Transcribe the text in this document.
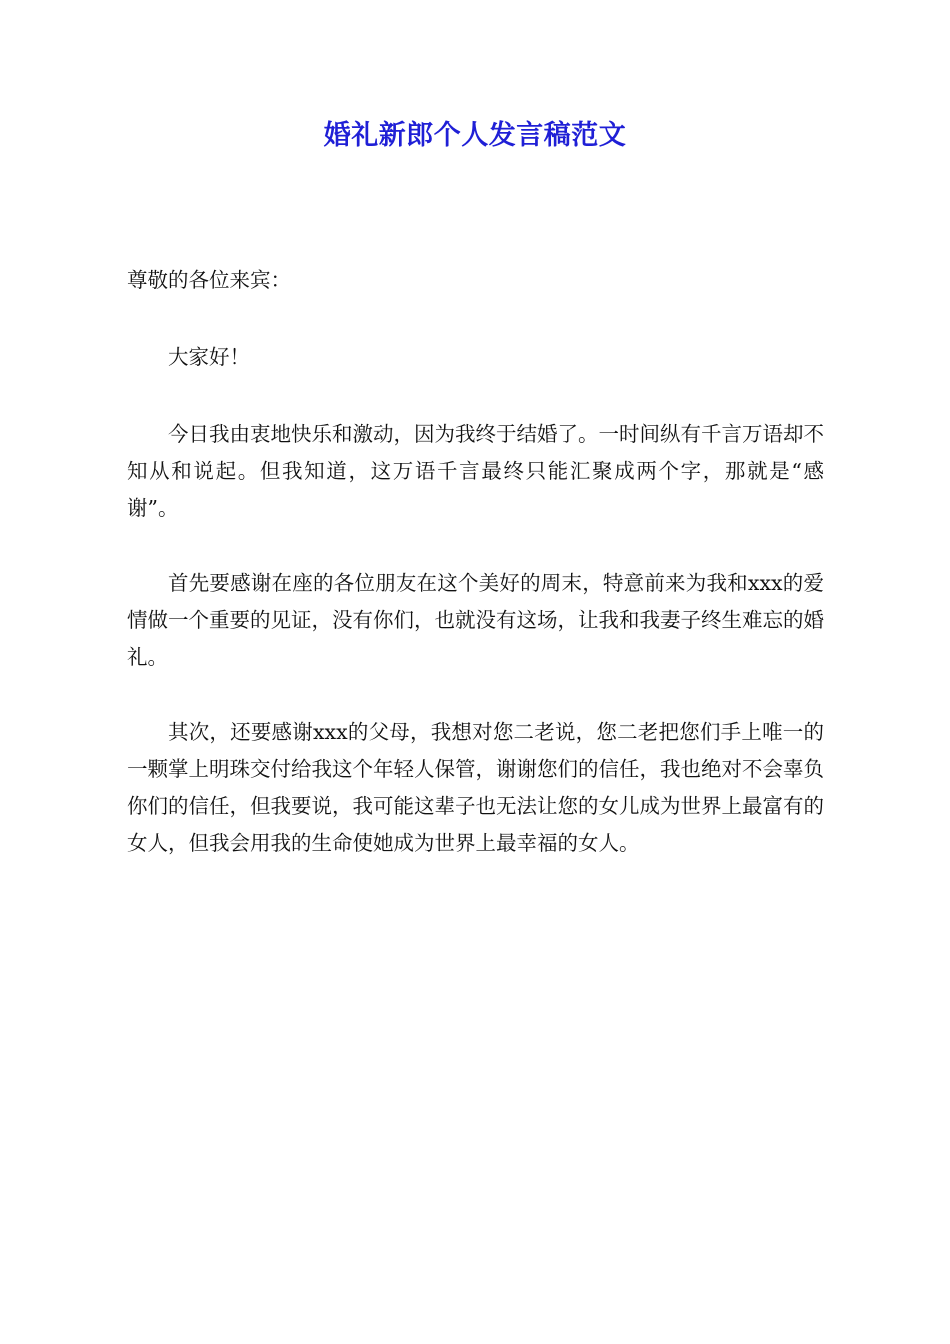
婚礼新郎个人发言稿范文

尊敬的各位来宾：

大家好！

今日我由衷地快乐和激动，因为我终于结婚了。一时间纵有千言万语却不知从和说起。但我知道，这万语千言最终只能汇聚成两个字，那就是“感谢”。

首先要感谢在座的各位朋友在这个美好的周末，特意前来为我和xxx的爱情做一个重要的见证，没有你们，也就没有这场，让我和我妻子终生难忘的婚礼。

其次，还要感谢xxx的父母，我想对您二老说，您二老把您们手上唯一的一颗掌上明珠交付给我这个年轻人保管，谢谢您们的信任，我也绝对不会辜负你们的信任，但我要说，我可能这辈子也无法让您的女儿成为世界上最富有的女人，但我会用我的生命使她成为世界上最幸福的女人。
